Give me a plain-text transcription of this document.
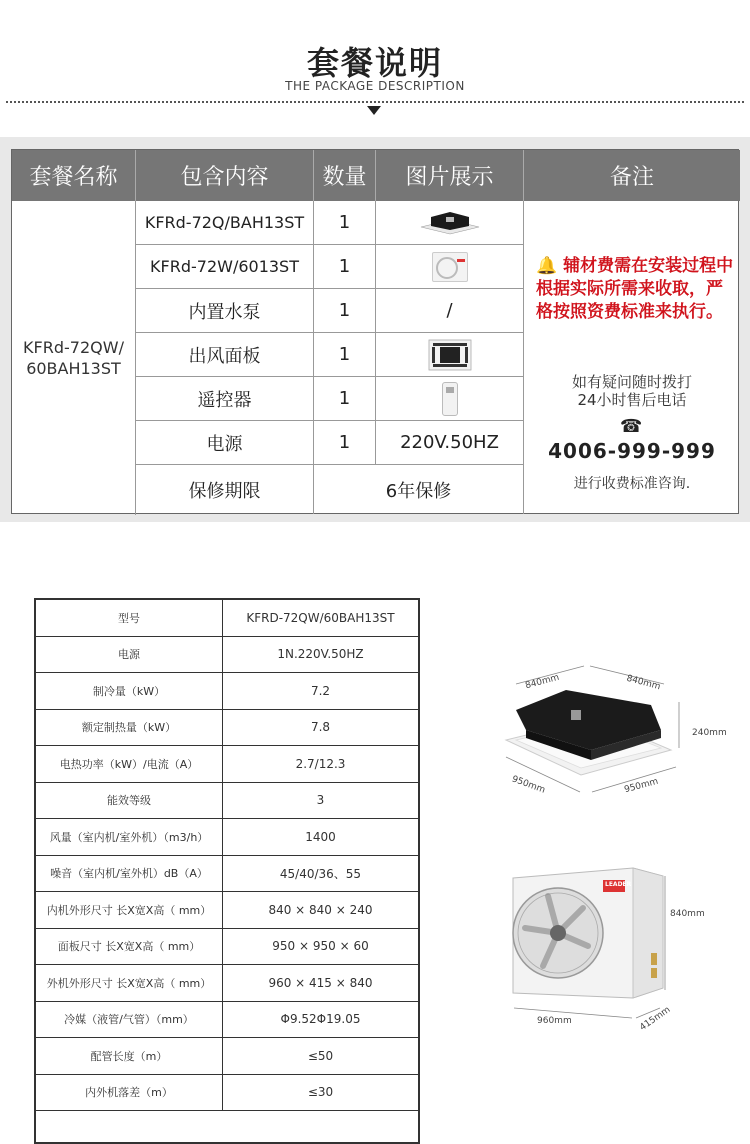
套餐说明
THE PACKAGE DESCRIPTION
套餐名称	包含内容	数量	图片展示	备注
KFRd-72QW/
60BAH13ST
KFRd-72Q/BAH13ST	1
KFRd-72W/6013ST	1
内置水泵	1	/
出风面板	1
遥控器	1
电源	1	220V.50HZ
保修期限	6年保修
🔔 辅材费需在安装过程中根据实际所需来收取，严格按照资费标准来执行。
如有疑问随时拨打
24小时售后电话
☎
4006-999-999
进行收费标准咨询.
型号	KFRD-72QW/60BAH13ST
电源	1N.220V.50HZ
制冷量（kW）	7.2
额定制热量（kW）	7.8
电热功率（kW）/电流（A）	2.7/12.3
能效等级	3
风量（室内机/室外机）（m3/h）	1400
噪音（室内机/室外机）dB（A）	45/40/36、55
内机外形尺寸 长X宽X高（ mm）	840 × 840 × 240
面板尺寸 长X宽X高（ mm）	950 × 950 × 60
外机外形尺寸 长X宽X高（ mm）	960 × 415 × 840
冷媒（液管/气管）（mm）	Φ9.52Φ19.05
配管长度（m）	≤50
内外机落差（m）	≤30
840mm	840mm
240mm
950mm	950mm
LEADER
840mm
960mm	415mm
